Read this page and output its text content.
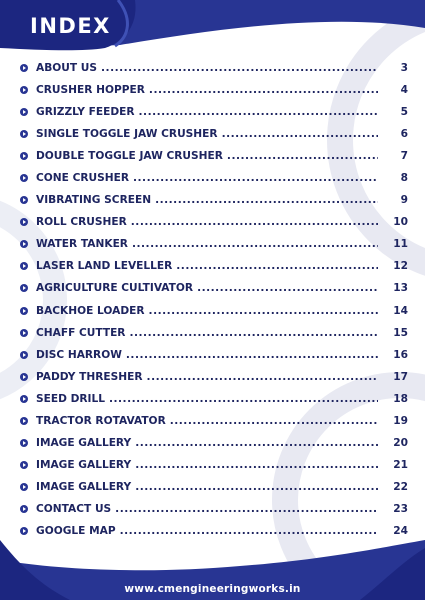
INDEX
ABOUT US .....	3
CRUSHER HOPPER .....	4
GRIZZLY FEEDER .....	5
SINGLE TOGGLE JAW CRUSHER .....	6
DOUBLE TOGGLE JAW CRUSHER .....	7
CONE CRUSHER .....	8
VIBRATING SCREEN .....	9
ROLL CRUSHER .....	10
WATER TANKER .....	11
LASER LAND LEVELLER .....	12
AGRICULTURE CULTIVATOR .....	13
BACKHOE LOADER .....	14
CHAFF CUTTER .....	15
DISC HARROW .....	16
PADDY THRESHER .....	17
SEED DRILL .....	18
TRACTOR ROTAVATOR .....	19
IMAGE GALLERY .....	20
IMAGE GALLERY .....	21
IMAGE GALLERY .....	22
CONTACT US .....	23
GOOGLE MAP .....	24
www.cmengineeringworks.in
